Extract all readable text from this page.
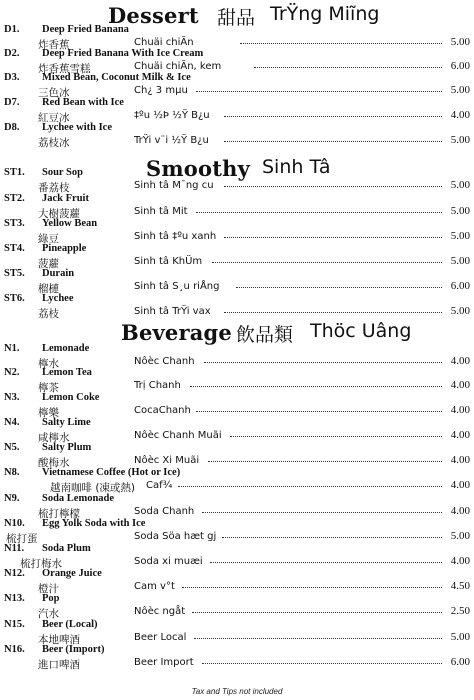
Dessert 甜品 TrŸng Miĩng
D1. Deep Fried Banana
炸香蕉	Chuäi chiÃn	5.00
D2. Deep Fried Banana With Ice Cream
炸香蕉雪糕	Chuäi chiÃn, kem	6.00
D3. Mixed Bean, Coconut Milk & Ice
三色冰	Ch¿ 3 mµu	5.00
D7. Red Bean with Ice
紅豆冰	‡ºu ½Þ ½Ÿ B¿u	4.00
D8. Lychee with Ice
荔枝冰	TrŸi v¨i ½Ÿ B¿u	5.00
Smoothy Sinh Tâ
ST1. Sour Sop
番荔枝	Sinh tâ M¯ng cu	5.00
ST2. Jack Fruit
大樹菠蘿	Sinh tâ Mit	5.00
ST3. Yellow Bean
綠豆	Sinh tâ ‡ºu xanh	5.00
ST4. Pineapple
菠蘿	Sinh tâ KhÜm	5.00
ST5. Durain
榴槤	Sinh tâ S¸u riÅng	6.00
ST6. Lychee
荔枝	Sinh tâ TrŸi vax	5.00
Beverage 飲品類 Thöc Uâng
N1. Lemonade
檸水	Nôèc Chanh	4.00
N2. Lemon Tea
檸茶	Trị Chanh	4.00
N3. Lemon Coke
檸樂	CocaChanh	4.00
N4. Salty Lime
咸檸水	Nôèc Chanh Muãi	4.00
N5. Salty Plum
酸梅水	Nôèc Xi Muãi	4.00
N8. Vietnamese Coffee (Hot or Ice)
越南咖啡 (凍或熱) Caf¾	4.00
N9. Soda Lemonade
梳打檸檬	Soda Chanh	4.00
N10. Egg Yolk Soda with Ice
梳打蛋	Soda Söa hæt gj	5.00
N11. Soda Plum
梳打梅水	Soda xi muæi	4.00
N12. Orange Juice
橙汁	Cam v°t	4.50
N13. Pop
汽水	Nôèc ngåt	2.50
N15. Beer (Local)
本地啤酒	Beer Local	5.00
N16. Beer (Import)
進口啤酒	Beer Import	6.00
Tax and Tips not included
